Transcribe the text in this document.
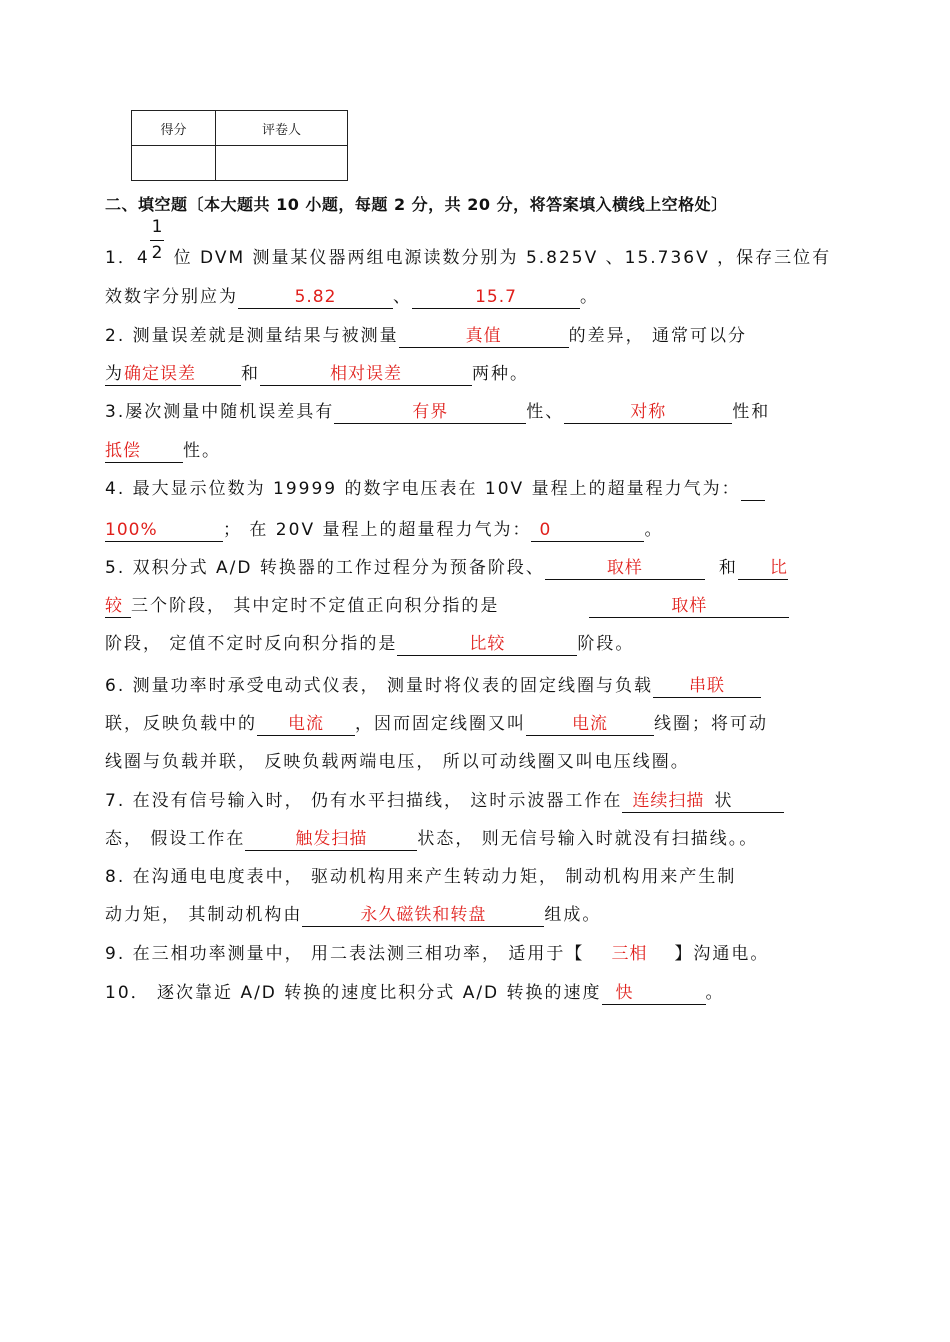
得分	评卷人

二、填空题〔本大题共 10 小题，每题 2 分，共 20 分，将答案填入横线上空格处〕
1
2
1．4 位 DVM 测量某仪器两组电源读数分别为 5.825V 、15.736V ，保存三位有
效数字分别应为	5.82	、	15.7	。
2. 测量误差就是测量结果与被测量	真值	的差异， 通常可以分
为确定误差	和	相对误差	两种。
3.屡次测量中随机误差具有	有界	性、	对称	性和
抵偿 性。
4. 最大显示位数为 19999 的数字电压表在 10V 量程上的超量程力气为：
100%	； 在 20V 量程上的超量程力气为： 0	。
5. 双积分式 A/D 转换器的工作过程分为预备阶段、	取样	和 比
较 三个阶段， 其中定时不定值正向积分指的是	取样
阶段， 定值不定时反向积分指的是	比较	阶段。
6. 测量功率时承受电动式仪表， 测量时将仪表的固定线圈与负载 串联
联，反映负载中的 电流 ，因而固定线圈又叫	电流	线圈；将可动
线圈与负载并联， 反映负载两端电压， 所以可动线圈又叫电压线圈。
7. 在没有信号输入时， 仍有水平扫描线， 这时示波器工作在 连续扫描 状
态， 假设工作在	触发扫描	状态， 则无信号输入时就没有扫描线。。
8. 在沟通电电度表中， 驱动机构用来产生转动力矩， 制动机构用来产生制
动力矩， 其制动机构由	永久磁铁和转盘	组成。
9. 在三相功率测量中， 用二表法测三相功率， 适用于【 三相 】沟通电。
10． 逐次靠近 A/D 转换的速度比积分式 A/D 转换的速度 快	。
